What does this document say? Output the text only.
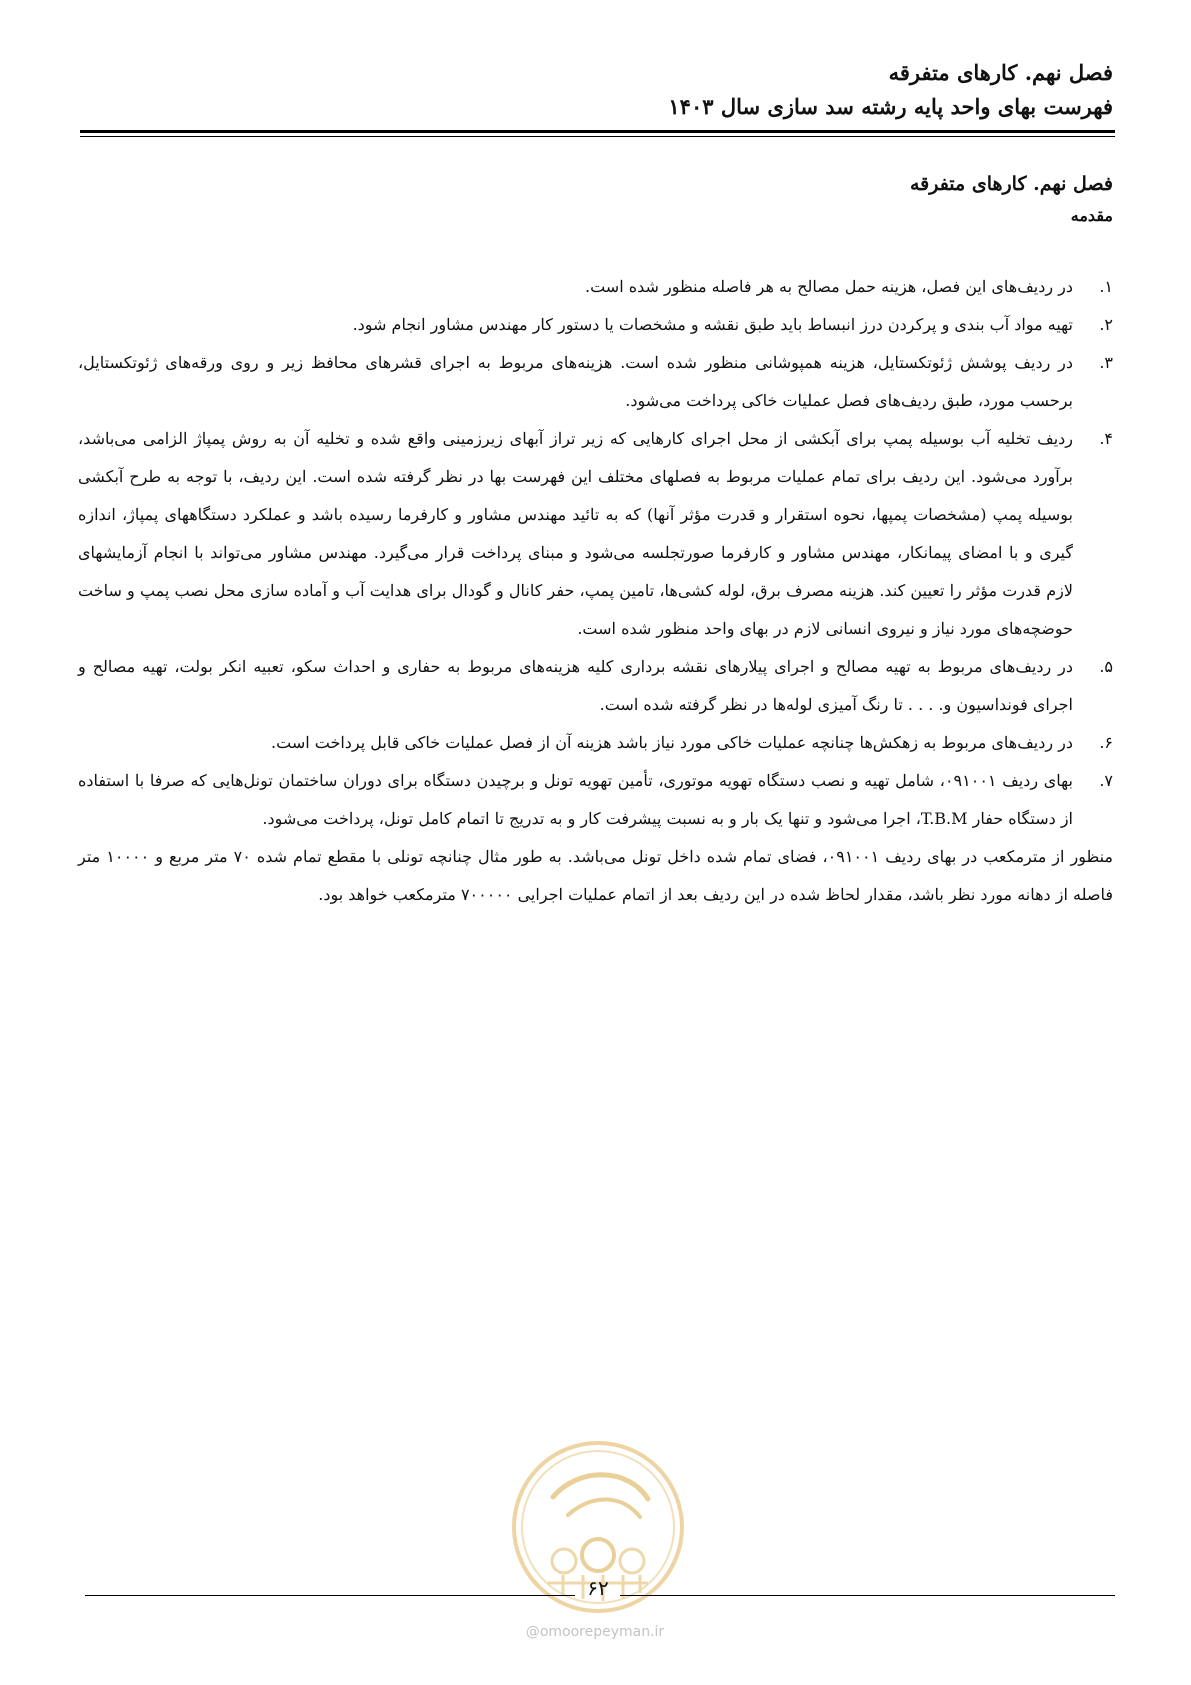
فصل نهم. کارهای متفرقه
فهرست بهای واحد پایه رشته سد سازی سال ۱۴۰۳
فصل نهم. کارهای متفرقه
مقدمه
۱.
در ردیف‌های این فصل، هزینه حمل مصالح به هر فاصله منظور شده است.
۲.
تهیه مواد آب بندی و پرکردن درز انبساط باید طبق نقشه و مشخصات یا دستور کار مهندس مشاور انجام شود.
۳.
در ردیف پوشش ژئوتکستایل، هزینه همپوشانی منظور شده است. هزینه‌های مربوط به اجرای قشرهای محافظ زیر و روی ورقه‌های ژئوتکستایل، برحسب مورد، طبق ردیف‌های فصل عملیات خاکی پرداخت می‌شود.
۴.
ردیف تخلیه آب بوسیله پمپ برای آبکشی از محل اجرای کارهایی که زیر تراز آبهای زیرزمینی واقع شده و تخلیه آن به روش پمپاژ الزامی می‌باشد، برآورد می‌شود. این ردیف برای تمام عملیات مربوط به فصلهای مختلف این فهرست بها در نظر گرفته شده است. این ردیف، با توجه به طرح آبکشی بوسیله پمپ (مشخصات پمپها، نحوه استقرار و قدرت مؤثر آنها) که به تائید مهندس مشاور و کارفرما رسیده باشد و عملکرد دستگاههای پمپاژ، اندازه گیری و با امضای پیمانکار، مهندس مشاور و کارفرما صورتجلسه می‌شود و مبنای پرداخت قرار می‌گیرد. مهندس مشاور می‌تواند با انجام آزمایشهای لازم قدرت مؤثر را تعیین کند. هزینه مصرف برق، لوله کشی‌ها، تامین پمپ، حفر کانال و گودال برای هدایت آب و آماده سازی محل نصب پمپ و ساخت حوضچه‌های مورد نیاز و نیروی انسانی لازم در بهای واحد منظور شده است.
۵.
در ردیف‌های مربوط به تهیه مصالح و اجرای پیلارهای نقشه برداری کلیه هزینه‌های مربوط به حفاری و احداث سکو، تعبیه انکر بولت، تهیه مصالح و اجرای فونداسیون و. . . . تا رنگ آمیزی لوله‌ها در نظر گرفته شده است.
۶.
در ردیف‌های مربوط به زهکش‌ها چنانچه عملیات خاکی مورد نیاز باشد هزینه آن از فصل عملیات خاکی قابل پرداخت است.
۷.
بهای ردیف ۰۹۱۰۰۱، شامل تهیه و نصب دستگاه تهویه موتوری، تأمین تهویه تونل و برچیدن دستگاه برای دوران ساختمان تونل‌هایی که صرفا با استفاده از دستگاه حفار T.B.M، اجرا می‌شود و تنها یک بار و به نسبت پیشرفت کار و به تدریج تا اتمام کامل تونل، پرداخت می‌شود.
منظور از مترمکعب در بهای ردیف ۰۹۱۰۰۱، فضای تمام شده داخل تونل می‌باشد. به طور مثال چنانچه تونلی با مقطع تمام شده ۷۰ متر مربع و ۱۰۰۰۰ متر فاصله از دهانه مورد نظر باشد، مقدار لحاظ شده در این ردیف بعد از اتمام عملیات اجرایی ۷۰۰۰۰۰ مترمکعب خواهد بود.
۶۲
@omoorepeyman.ir
